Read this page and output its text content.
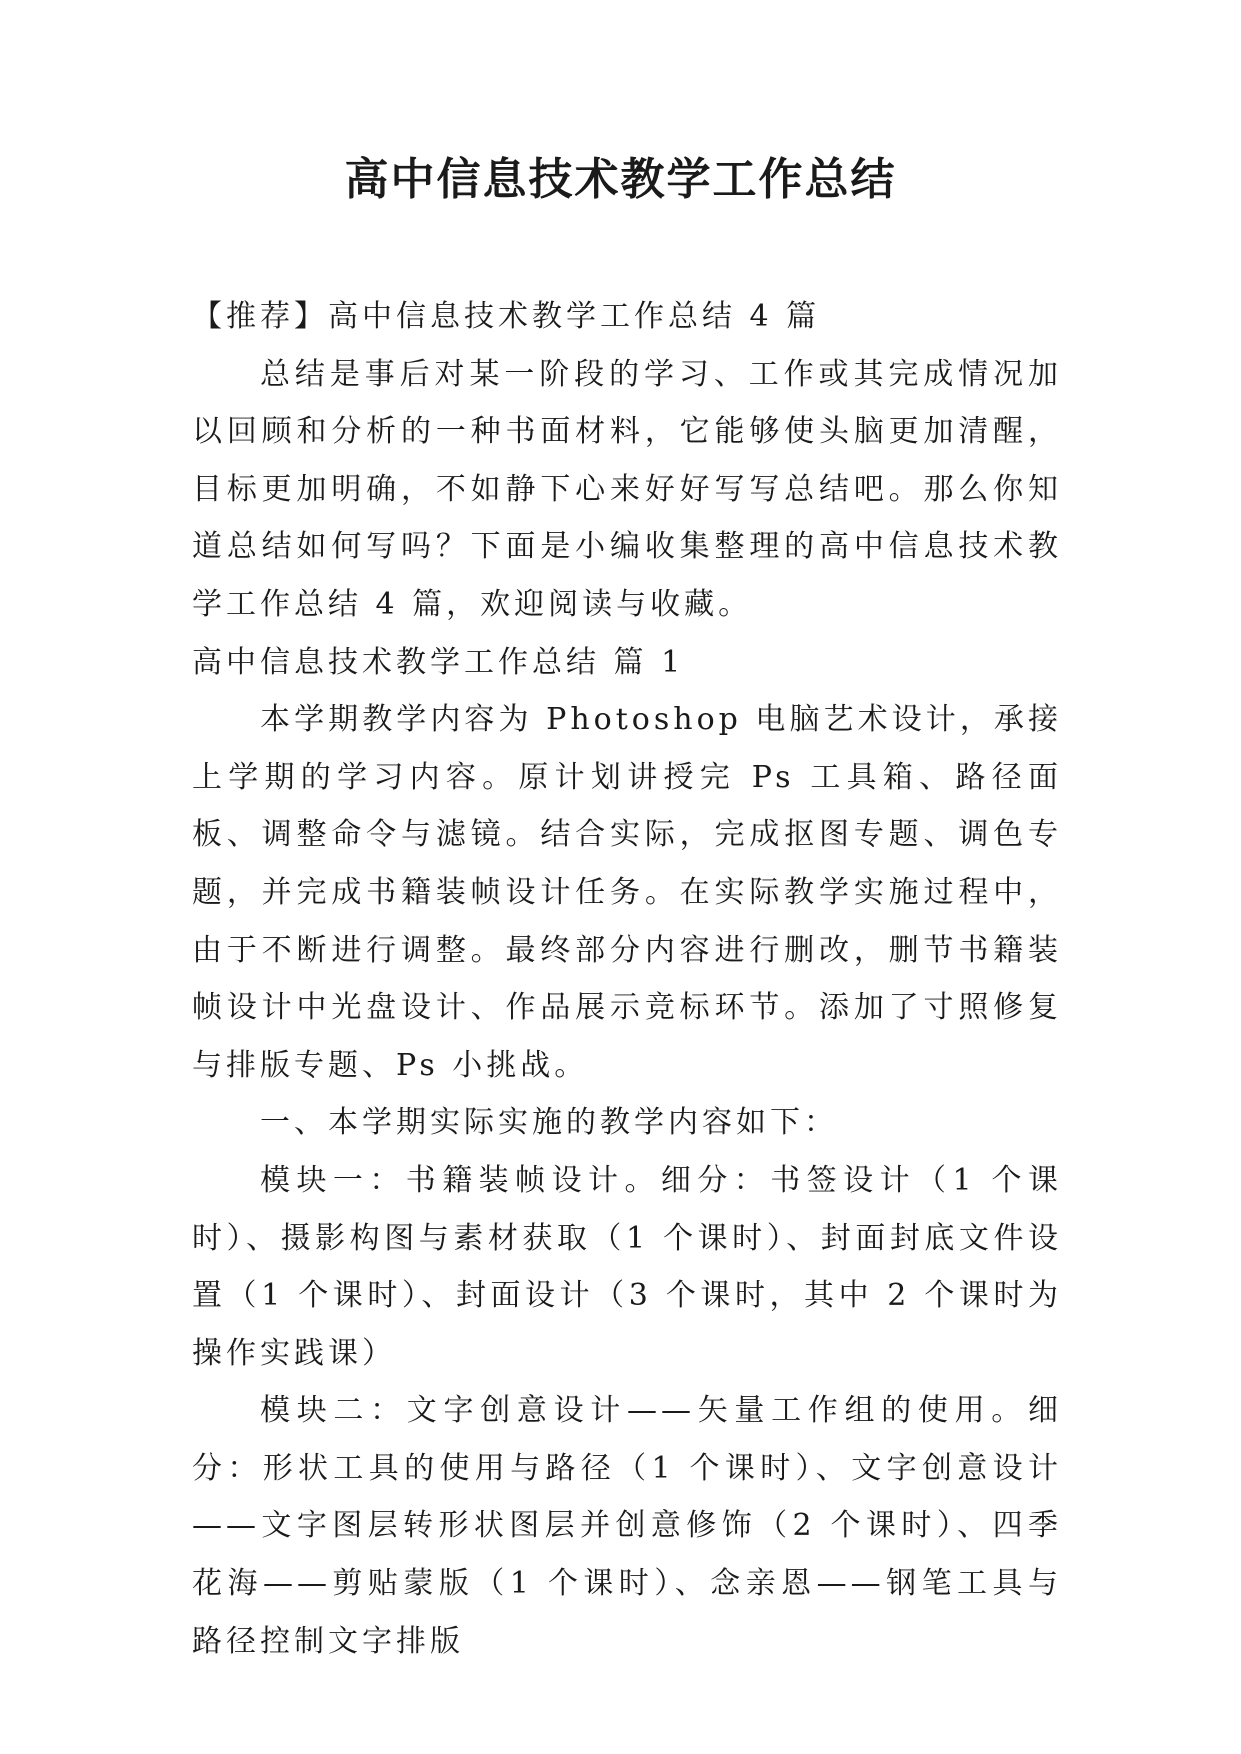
高中信息技术教学工作总结

【推荐】高中信息技术教学工作总结 4 篇

总结是事后对某一阶段的学习、工作或其完成情况加以回顾和分析的一种书面材料，它能够使头脑更加清醒，目标更加明确，不如静下心来好好写写总结吧。那么你知道总结如何写吗？下面是小编收集整理的高中信息技术教学工作总结 4 篇，欢迎阅读与收藏。

高中信息技术教学工作总结 篇 1

本学期教学内容为 Photoshop 电脑艺术设计，承接上学期的学习内容。原计划讲授完 Ps 工具箱、路径面板、调整命令与滤镜。结合实际，完成抠图专题、调色专题，并完成书籍装帧设计任务。在实际教学实施过程中，由于不断进行调整。最终部分内容进行删改，删节书籍装帧设计中光盘设计、作品展示竞标环节。添加了寸照修复与排版专题、Ps 小挑战。

一、本学期实际实施的教学内容如下：

模块一：书籍装帧设计。细分：书签设计（1 个课时）、摄影构图与素材获取（1 个课时）、封面封底文件设置（1 个课时）、封面设计（3 个课时，其中 2 个课时为操作实践课）

模块二：文字创意设计——矢量工作组的使用。细分：形状工具的使用与路径（1 个课时）、文字创意设计——文字图层转形状图层并创意修饰（2 个课时）、四季花海——剪贴蒙版（1 个课时）、念亲恩——钢笔工具与路径控制文字排版
